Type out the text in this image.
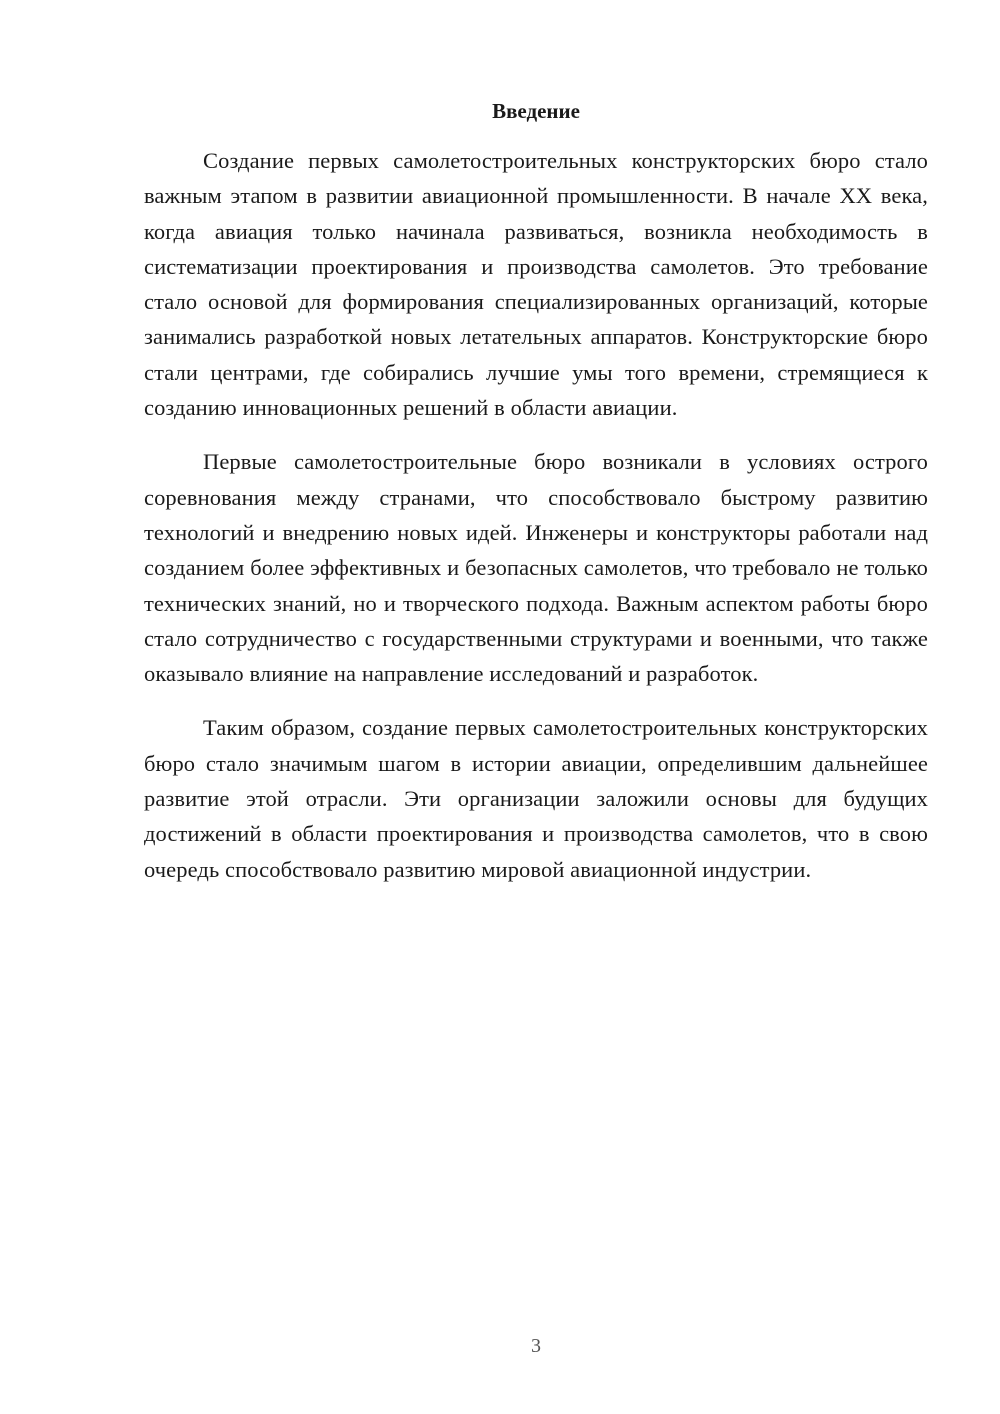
Введение

Создание первых самолетостроительных конструкторских бюро стало важным этапом в развитии авиационной промышленности. В начале XX века, когда авиация только начинала развиваться, возникла необходимость в систематизации проектирования и производства самолетов. Это требование стало основой для формирования специализированных организаций, которые занимались разработкой новых летательных аппаратов. Конструкторские бюро стали центрами, где собирались лучшие умы того времени, стремящиеся к созданию инновационных решений в области авиации.

Первые самолетостроительные бюро возникали в условиях острого соревнования между странами, что способствовало быстрому развитию технологий и внедрению новых идей. Инженеры и конструкторы работали над созданием более эффективных и безопасных самолетов, что требовало не только технических знаний, но и творческого подхода. Важным аспектом работы бюро стало сотрудничество с государственными структурами и военными, что также оказывало влияние на направление исследований и разработок.

Таким образом, создание первых самолетостроительных конструкторских бюро стало значимым шагом в истории авиации, определившим дальнейшее развитие этой отрасли. Эти организации заложили основы для будущих достижений в области проектирования и производства самолетов, что в свою очередь способствовало развитию мировой авиационной индустрии.

3
